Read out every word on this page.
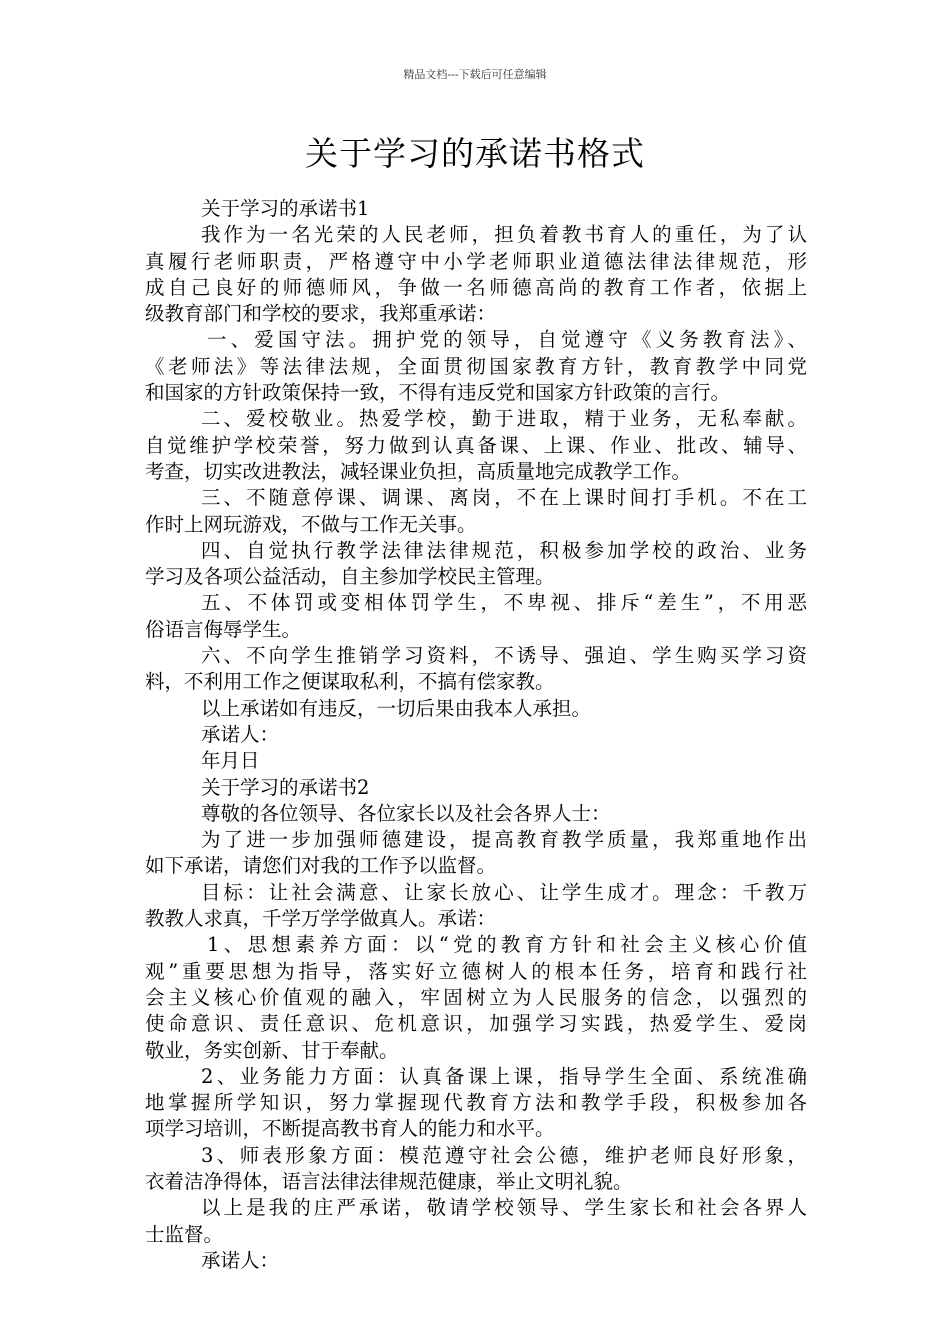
精品文档---下载后可任意编辑
关于学习的承诺书格式
关于学习的承诺书1
我作为一名光荣的人民老师，担负着教书育人的重任，为了认
真履行老师职责，严格遵守中小学老师职业道德法律法律规范，形
成自己良好的师德师风，争做一名师德高尚的教育工作者，依据上
级教育部门和学校的要求，我郑重承诺：
一、爱国守法。拥护党的领导，自觉遵守《义务教育法》、
《老师法》等法律法规，全面贯彻国家教育方针，教育教学中同党
和国家的方针政策保持一致，不得有违反党和国家方针政策的言行。
二、爱校敬业。热爱学校，勤于进取，精于业务，无私奉献。
自觉维护学校荣誉，努力做到认真备课、上课、作业、批改、辅导、
考查，切实改进教法，减轻课业负担，高质量地完成教学工作。
三、不随意停课、调课、离岗，不在上课时间打手机。不在工
作时上网玩游戏，不做与工作无关事。
四、自觉执行教学法律法律规范，积极参加学校的政治、业务
学习及各项公益活动，自主参加学校民主管理。
五、不体罚或变相体罚学生，不卑视、排斥“差生”，不用恶
俗语言侮辱学生。
六、不向学生推销学习资料，不诱导、强迫、学生购买学习资
料，不利用工作之便谋取私利，不搞有偿家教。
以上承诺如有违反，一切后果由我本人承担。
承诺人：
年月日
关于学习的承诺书2
尊敬的各位领导、各位家长以及社会各界人士：
为了进一步加强师德建设，提高教育教学质量，我郑重地作出
如下承诺，请您们对我的工作予以监督。
目标：让社会满意、让家长放心、让学生成才。理念：千教万
教教人求真，千学万学学做真人。承诺：
1、思想素养方面：以“党的教育方针和社会主义核心价值
观”重要思想为指导，落实好立德树人的根本任务，培育和践行社
会主义核心价值观的融入，牢固树立为人民服务的信念，以强烈的
使命意识、责任意识、危机意识，加强学习实践，热爱学生、爱岗
敬业，务实创新、甘于奉献。
2、业务能力方面：认真备课上课，指导学生全面、系统准确
地掌握所学知识，努力掌握现代教育方法和教学手段，积极参加各
项学习培训，不断提高教书育人的能力和水平。
3、师表形象方面：模范遵守社会公德，维护老师良好形象，
衣着洁净得体，语言法律法律规范健康，举止文明礼貌。
以上是我的庄严承诺，敬请学校领导、学生家长和社会各界人
士监督。
承诺人：
